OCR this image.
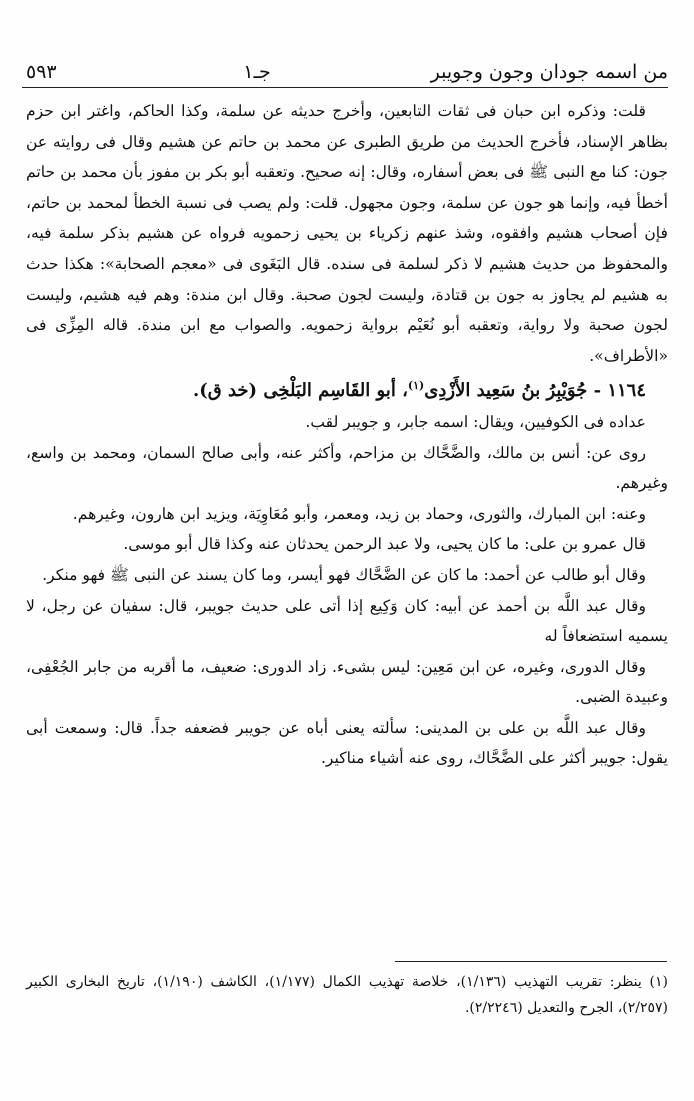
٥٩٣	جـ١	من اسمه جودان وجون وجويبر

قلت: وذكره ابن حبان فى ثقات التابعين، وأخرج حديثه عن سلمة، وكذا الحاكم، واغتر ابن حزم بظاهر الإسناد، فأخرج الحديث من طريق الطبرى عن محمد بن حاتم عن هشيم وقال فى روايته عن جون: كنا مع النبى ﷺ فى بعض أسفاره، وقال: إنه صحيح. وتعقبه أبو بكر بن مفوز بأن محمد بن حاتم أخطأ فيه، وإنما هو جون عن سلمة، وجون مجهول. قلت: ولم يصب فى نسبة الخطأ لمحمد بن حاتم، فإن أصحاب هشيم وافقوه، وشذ عنهم زكرياء بن يحيى زحمويه فرواه عن هشيم بذكر سلمة فيه، والمحفوظ من حديث هشيم لا ذكر لسلمة فى سنده. قال البَغَوى فى «معجم الصحابة»: هكذا حدث به هشيم لم يجاوز به جون بن قتادة، وليست لجون صحبة. وقال ابن مندة: وهم فيه هشيم، وليست لجون صحبة ولا رواية، وتعقبه أبو نُعَيْم برواية زحمويه. والصواب مع ابن مندة. قاله المِزِّى فى «الأطراف».

١١٦٤ - جُوَيْبِرُ بنُ سَعِيد الأَزْدِى$^{(١)}$، أبو القَاسِم البَلْخِى (خد ق).

عداده فى الكوفيين، ويقال: اسمه جابر، و جويبر لقب.

روى عن: أنس بن مالك، والضَّحَّاك بن مزاحم، وأكثر عنه، وأبى صالح السمان، ومحمد بن واسع، وغيرهم.

وعنه: ابن المبارك، والثورى، وحماد بن زيد، ومعمر، وأبو مُعَاوِيَة، ويزيد ابن هارون، وغيرهم.

قال عمرو بن على: ما كان يحيى، ولا عبد الرحمن يحدثان عنه وكذا قال أبو موسى.

وقال أبو طالب عن أحمد: ما كان عن الضَّحَّاك فهو أيسر، وما كان يسند عن النبى ﷺ فهو منكر.

وقال عبد اللَّه بن أحمد عن أبيه: كان وَكِيع إذا أتى على حديث جويبر، قال: سفيان عن رجل، لا يسميه استضعافاً له

وقال الدورى، وغيره، عن ابن مَعِين: ليس بشىء. زاد الدورى: ضعيف، ما أقربه من جابر الجُعْفِى، وعبيدة الضبى.

وقال عبد اللَّه بن على بن المدينى: سألته يعنى أباه عن جويبر فضعفه جداً. قال: وسمعت أبى يقول: جويبر أكثر على الضَّحَّاك، روى عنه أشياء مناكير.

(١) ينظر: تقريب التهذيب (١/١٣٦)، خلاصة تهذيب الكمال (١/١٧٧)، الكاشف (١/١٩٠)، تاريخ البخارى الكبير (٢/٢٥٧)، الجرح والتعديل (٢/٢٢٤٦).
